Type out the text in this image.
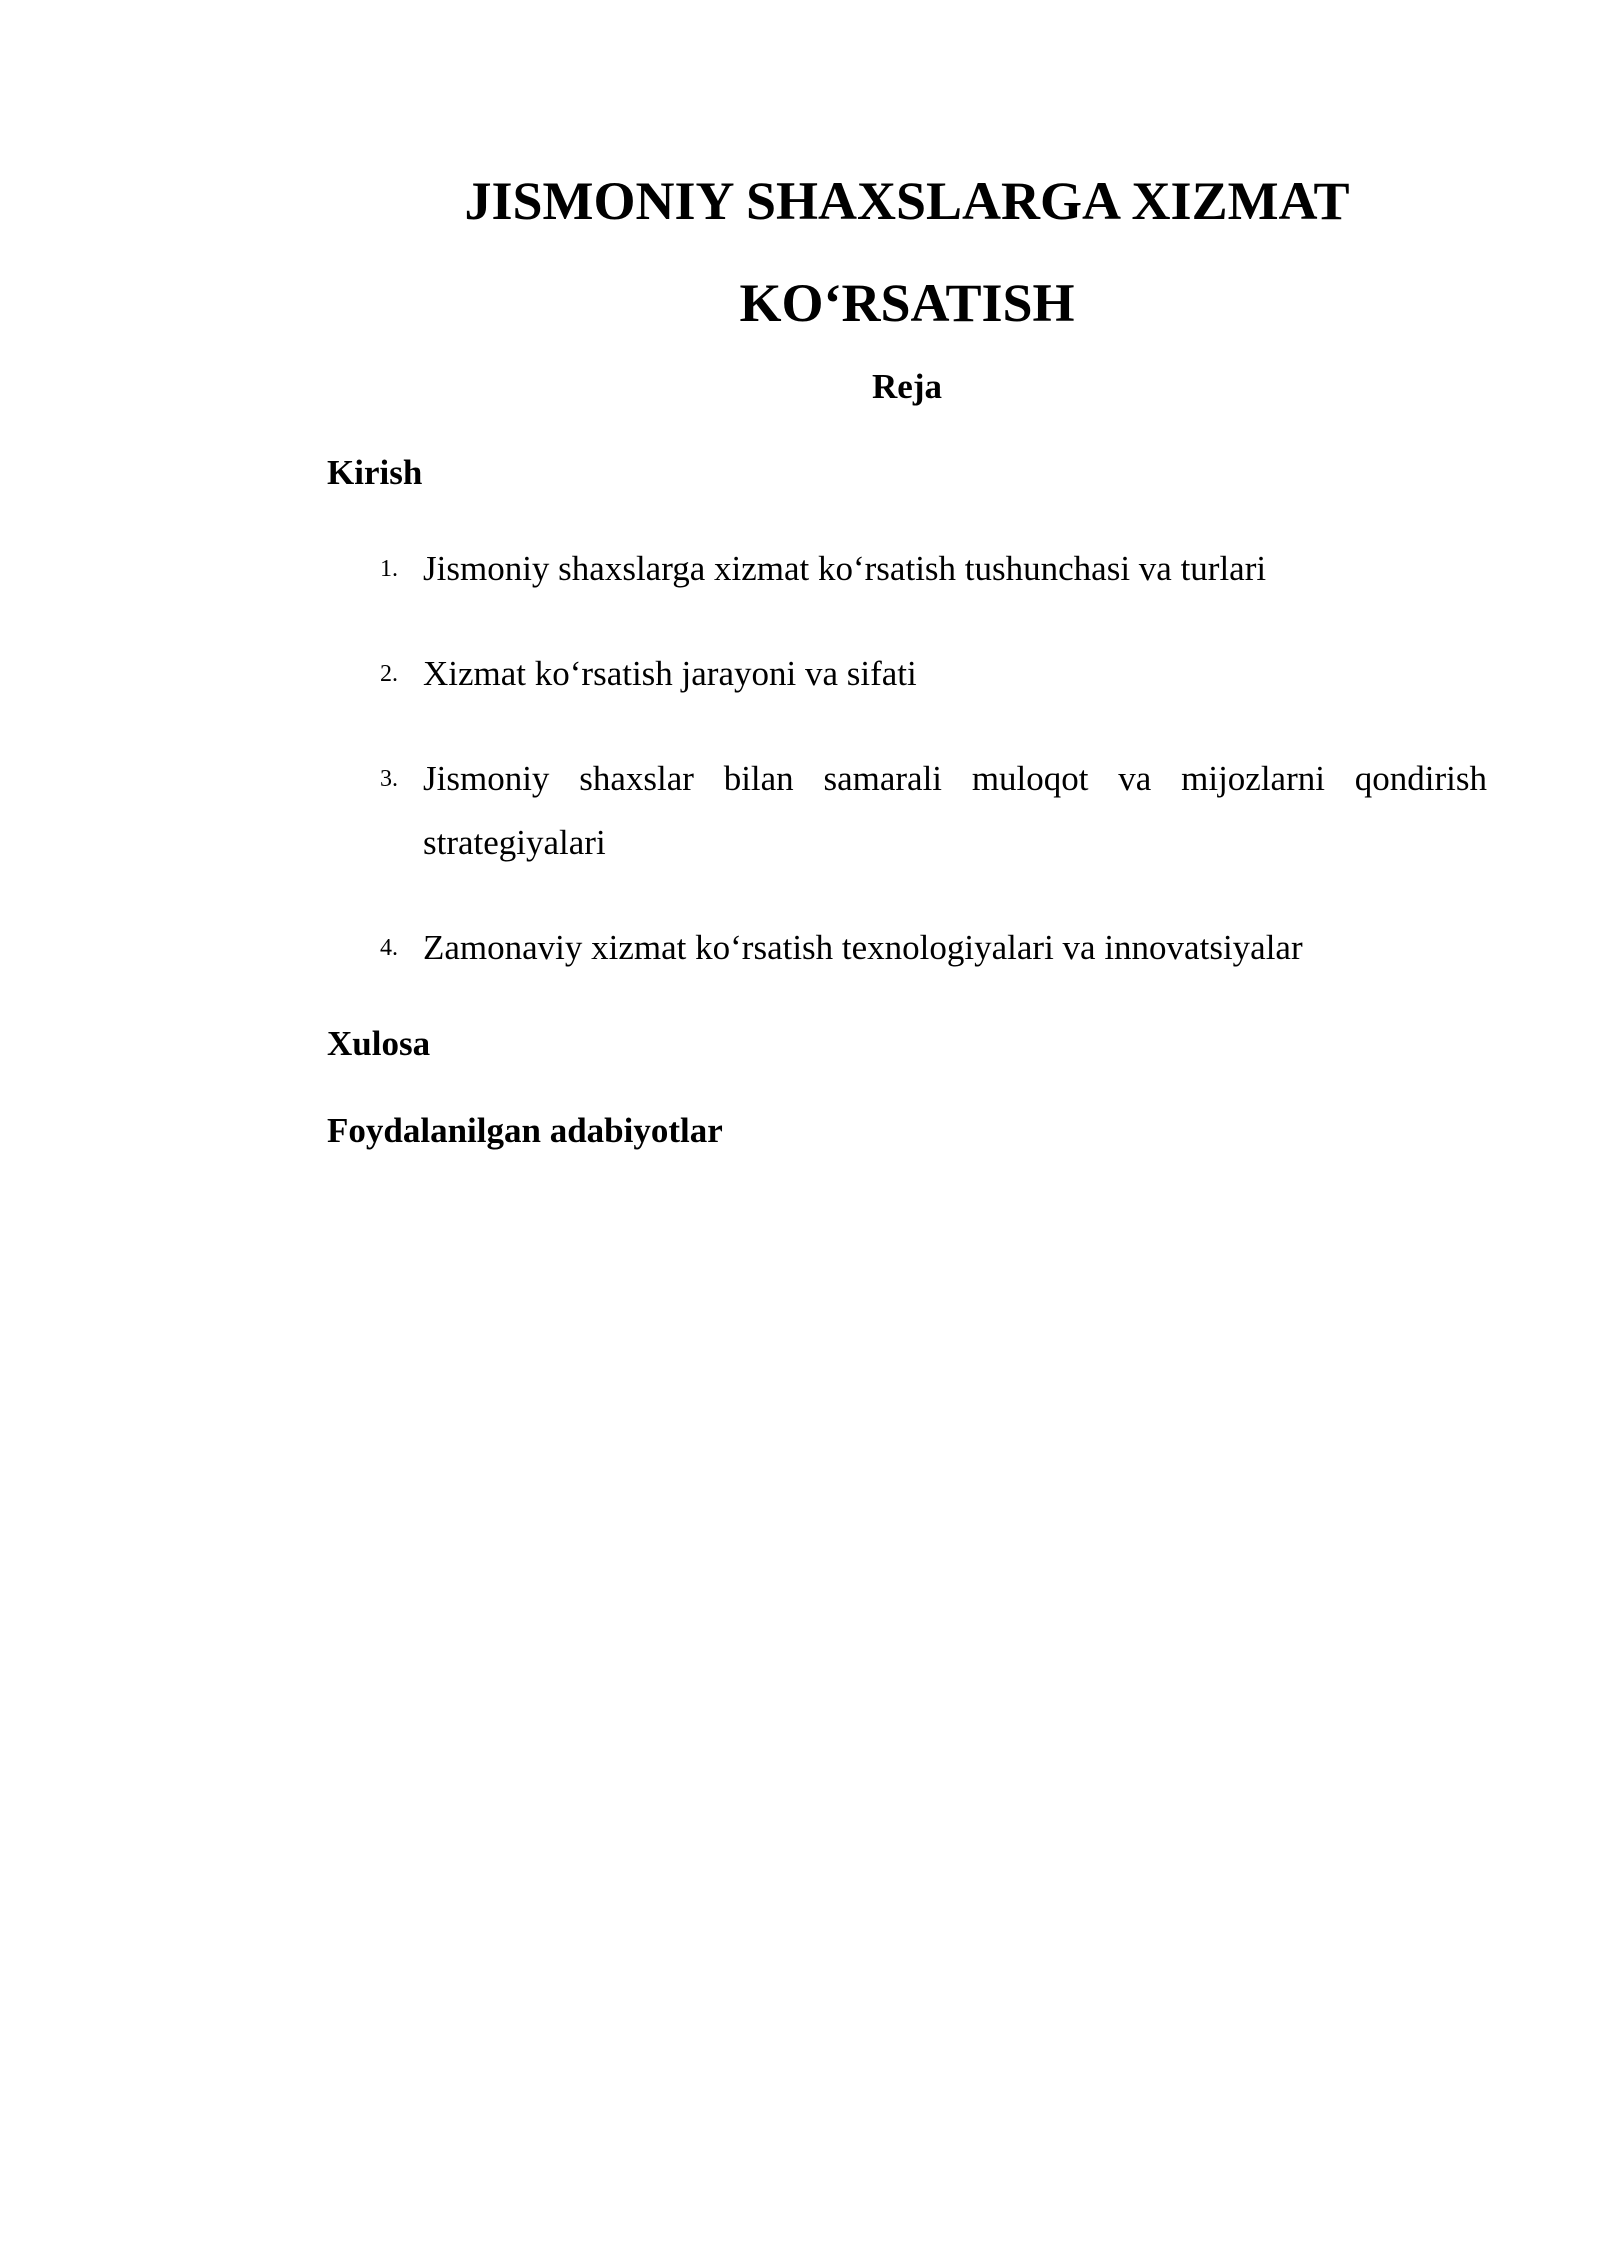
JISMONIY SHAXSLARGA XIZMAT
KO‘RSATISH
Reja
Kirish
1. Jismoniy shaxslarga xizmat ko‘rsatish tushunchasi va turlari
2. Xizmat ko‘rsatish jarayoni va sifati
3. Jismoniy shaxslar bilan samarali muloqot va mijozlarni qondirish strategiyalari
4. Zamonaviy xizmat ko‘rsatish texnologiyalari va innovatsiyalar
Xulosa
Foydalanilgan adabiyotlar
